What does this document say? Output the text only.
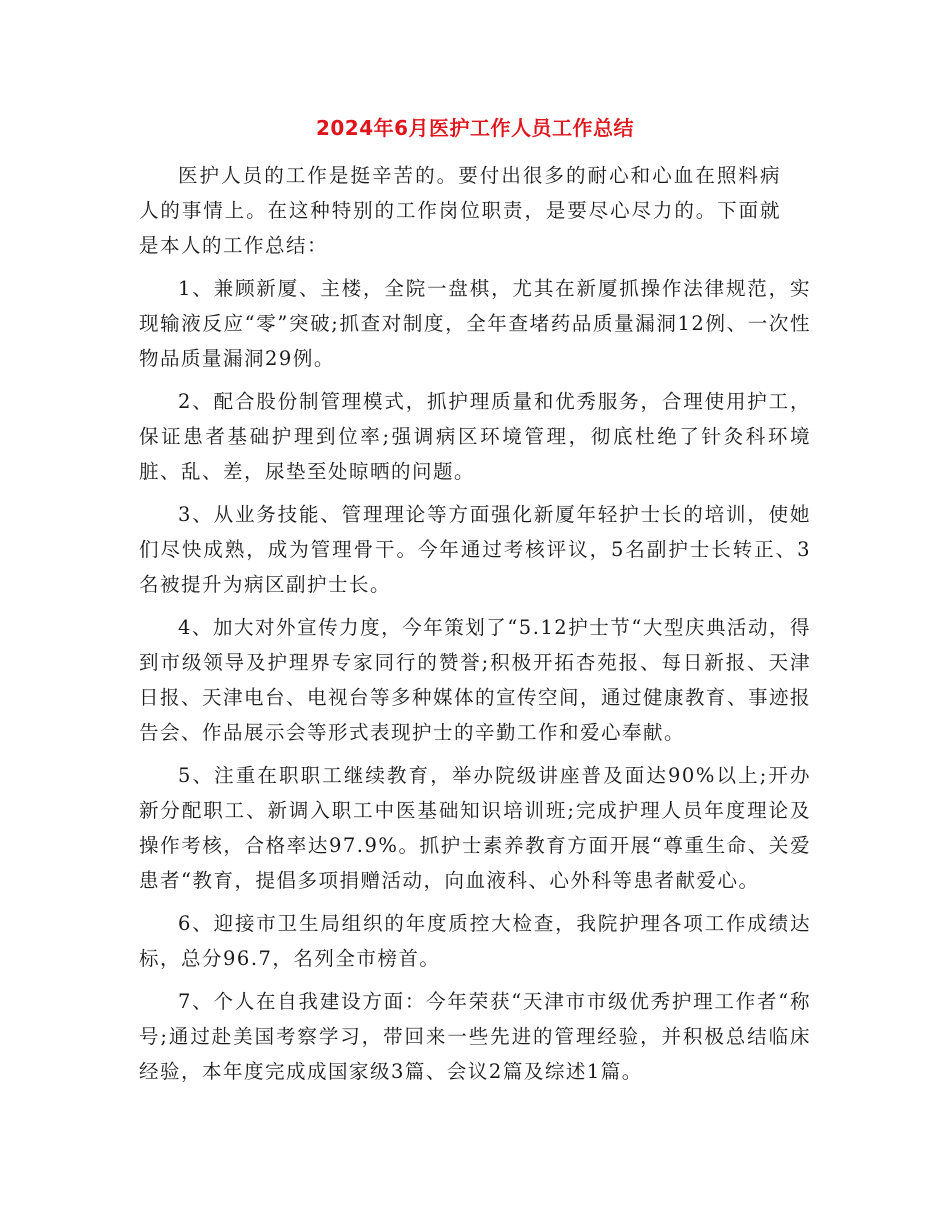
2024年6月医护工作人员工作总结

医护人员的工作是挺辛苦的。要付出很多的耐心和心血在照料病人的事情上。在这种特别的工作岗位职责，是要尽心尽力的。下面就是本人的工作总结：

1、兼顾新厦、主楼，全院一盘棋，尤其在新厦抓操作法律规范，实现输液反应“零”突破;抓查对制度，全年查堵药品质量漏洞12例、一次性物品质量漏洞29例。

2、配合股份制管理模式，抓护理质量和优秀服务，合理使用护工，保证患者基础护理到位率;强调病区环境管理，彻底杜绝了针灸科环境脏、乱、差，尿垫至处晾晒的问题。

3、从业务技能、管理理论等方面强化新厦年轻护士长的培训，使她们尽快成熟，成为管理骨干。今年通过考核评议，5名副护士长转正、3名被提升为病区副护士长。

4、加大对外宣传力度，今年策划了“5.12护士节“大型庆典活动，得到市级领导及护理界专家同行的赞誉;积极开拓杏苑报、每日新报、天津日报、天津电台、电视台等多种媒体的宣传空间，通过健康教育、事迹报告会、作品展示会等形式表现护士的辛勤工作和爱心奉献。

5、注重在职职工继续教育，举办院级讲座普及面达90%以上;开办新分配职工、新调入职工中医基础知识培训班;完成护理人员年度理论及操作考核，合格率达97.9%。抓护士素养教育方面开展“尊重生命、关爱患者“教育，提倡多项捐赠活动，向血液科、心外科等患者献爱心。

6、迎接市卫生局组织的年度质控大检查，我院护理各项工作成绩达标，总分96.7，名列全市榜首。

7、个人在自我建设方面：今年荣获“天津市市级优秀护理工作者“称号;通过赴美国考察学习，带回来一些先进的管理经验，并积极总结临床经验，本年度完成成国家级3篇、会议2篇及综述1篇。
